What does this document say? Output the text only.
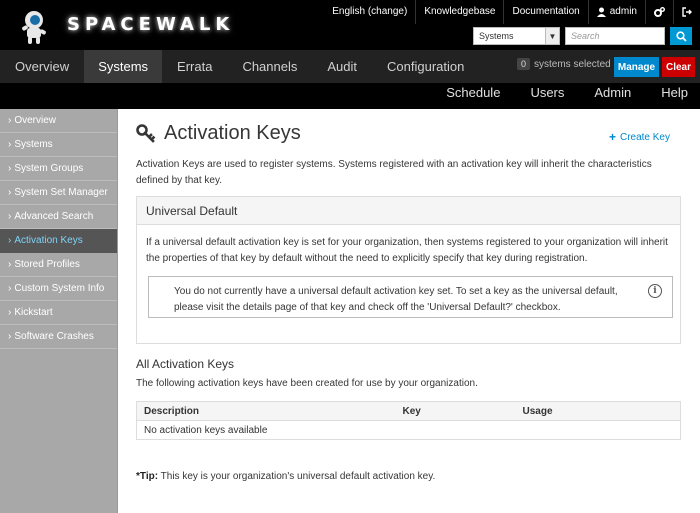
SPACEWALK
English (change)	Knowledgebase	Documentation	admin
Systems	▼	Search
Overview	Systems	Errata	Channels	Audit	Configuration	0 systems selected Manage	Clear
Schedule	Users	Admin	Help
› Overview
› Systems
› System Groups
› System Set Manager
› Advanced Search
› Activation Keys
› Stored Profiles
› Custom System Info
› Kickstart
› Software Crashes
Activation Keys	+ Create Key

Activation Keys are used to register systems. Systems registered with an activation key will inherit the characteristics defined by that key.

Universal Default

If a universal default activation key is set for your organization, then systems registered to your organization will inherit the properties of that key by default without the need to explicitly specify that key during registration.

You do not currently have a universal default activation key set. To set a key as the universal default, please visit the details page of that key and check off the 'Universal Default?' checkbox.

i
All Activation Keys

The following activation keys have been created for use by your organization.

Description	Key	Usage
No activation keys available

*Tip: This key is your organization's universal default activation key.
